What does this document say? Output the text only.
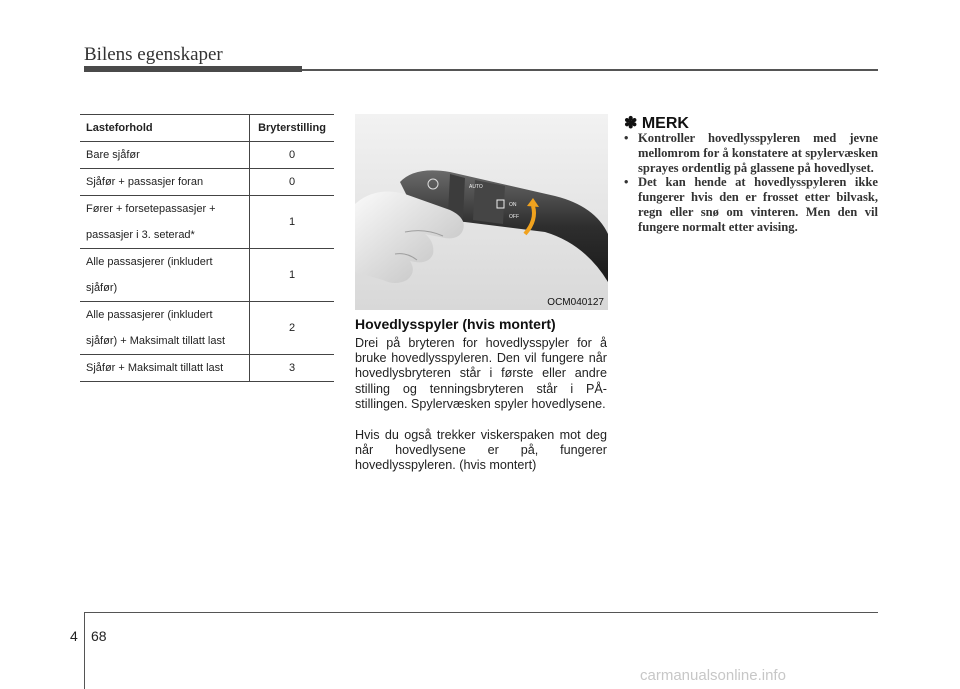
Bilens egenskaper
Lasteforhold	Bryterstilling
Bare sjåfør	0
Sjåfør + passasjer foran	0

Fører + forsetepassasjer +
passasjer i 3. seterad*	1

Alle passasjerer (inkludert
sjåfør)	1

Alle passasjerer (inkludert
sjåfør) + Maksimalt tillatt last	2
Sjåfør + Maksimalt tillatt last	3
AUTO
ON
OFF
OCM040127
Hovedlysspyler (hvis montert)
Drei på bryteren for hovedlysspyler for å bruke hovedlysspyleren. Den vil fungere når hovedlysbryteren står i første eller andre stilling og tenningsbryteren står i PÅ-stillingen. Spylervæsken spyler hovedlysene.
Hvis du også trekker viskerspaken mot deg når hovedlysene er på, fungerer hovedlysspyleren. (hvis montert)
✽ MERK
• Kontroller hovedlysspyleren med jevne mellomrom for å konstatere at spylervæsken sprayes ordentlig på glassene på hovedlyset.
• Det kan hende at hovedlysspyleren ikke fungerer hvis den er frosset etter bilvask, regn eller snø om vinteren. Men den vil fungere normalt etter avising.
4 68
carmanualsonline.info
